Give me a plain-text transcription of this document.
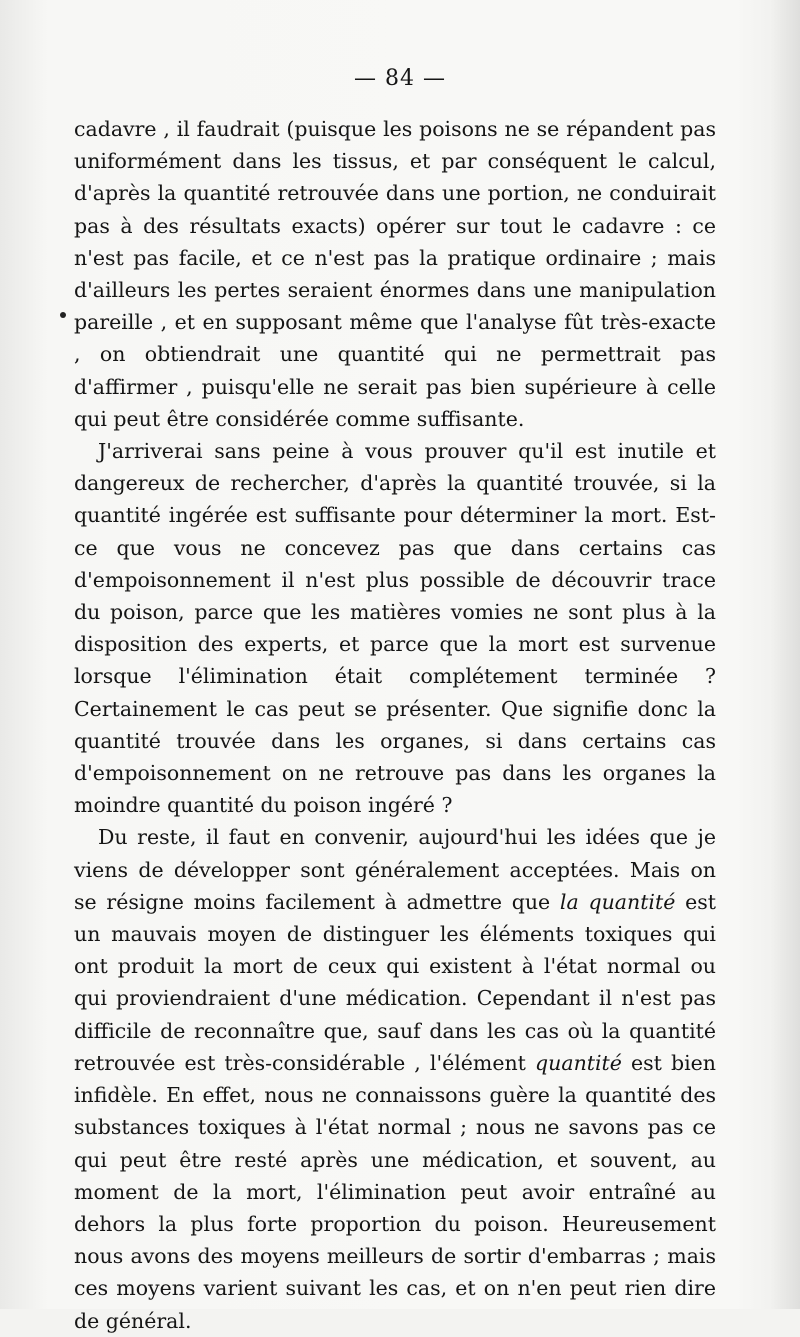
— 84 —

cadavre , il faudrait (puisque les poisons ne se répandent pas uniformément dans les tissus, et par conséquent le calcul, d'après la quantité retrouvée dans une portion, ne conduirait pas à des résultats exacts) opérer sur tout le cadavre : ce n'est pas facile, et ce n'est pas la pratique ordinaire ; mais d'ailleurs les pertes seraient énormes dans une manipulation pareille , et en supposant même que l'analyse fût très-exacte , on obtiendrait une quantité qui ne permettrait pas d'affirmer , puisqu'elle ne serait pas bien supérieure à celle qui peut être considérée comme suffisante.

J'arriverai sans peine à vous prouver qu'il est inutile et dangereux de rechercher, d'après la quantité trouvée, si la quantité ingérée est suffisante pour déterminer la mort. Est-ce que vous ne concevez pas que dans certains cas d'empoisonnement il n'est plus possible de découvrir trace du poison, parce que les matières vomies ne sont plus à la disposition des experts, et parce que la mort est survenue lorsque l'élimination était complétement terminée ? Certainement le cas peut se présenter. Que signifie donc la quantité trouvée dans les organes, si dans certains cas d'empoisonnement on ne retrouve pas dans les organes la moindre quantité du poison ingéré ?

Du reste, il faut en convenir, aujourd'hui les idées que je viens de développer sont généralement acceptées. Mais on se résigne moins facilement à admettre que la quantité est un mauvais moyen de distinguer les éléments toxiques qui ont produit la mort de ceux qui existent à l'état normal ou qui proviendraient d'une médication. Cependant il n'est pas difficile de reconnaître que, sauf dans les cas où la quantité retrouvée est très-considérable , l'élément quantité est bien infidèle. En effet, nous ne connaissons guère la quantité des substances toxiques à l'état normal ; nous ne savons pas ce qui peut être resté après une médication, et souvent, au moment de la mort, l'élimination peut avoir entraîné au dehors la plus forte proportion du poison. Heureusement nous avons des moyens meilleurs de sortir d'embarras ; mais ces moyens varient suivant les cas, et on n'en peut rien dire de général.
